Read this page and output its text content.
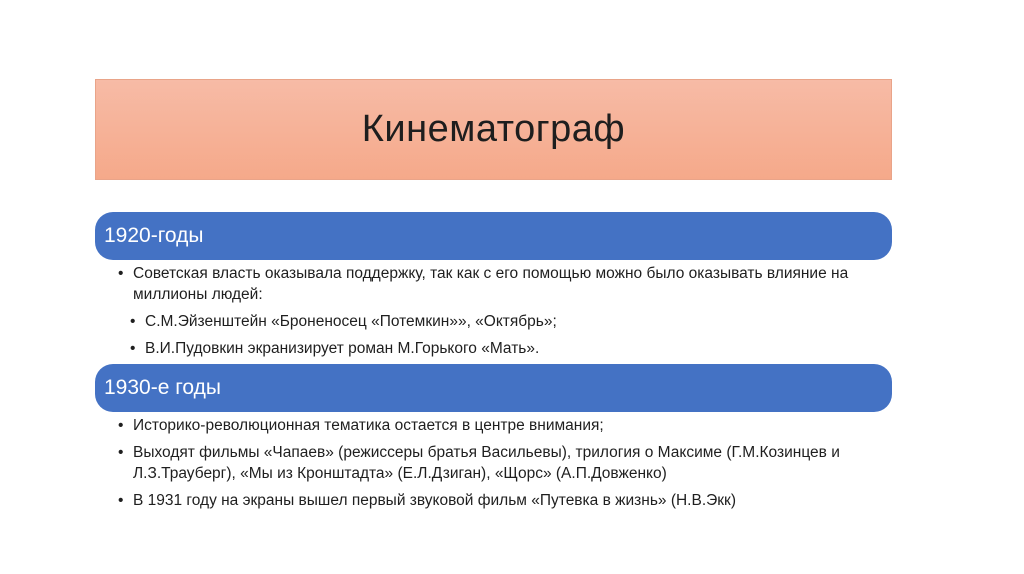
Кинематограф
1920-годы
• Советская власть оказывала поддержку, так как с его помощью можно было оказывать влияние на миллионы людей:
• С.М.Эйзенштейн «Броненосец «Потемкин»», «Октябрь»;
• В.И.Пудовкин экранизирует роман М.Горького «Мать».
1930-е годы
• Историко-революционная тематика остается в центре внимания;
• Выходят фильмы «Чапаев» (режиссеры братья Васильевы), трилогия о Максиме (Г.М.Козинцев и Л.З.Трауберг), «Мы из Кронштадта» (Е.Л.Дзиган), «Щорс» (А.П.Довженко)
• В 1931 году на экраны вышел первый звуковой фильм «Путевка в жизнь» (Н.В.Экк)
